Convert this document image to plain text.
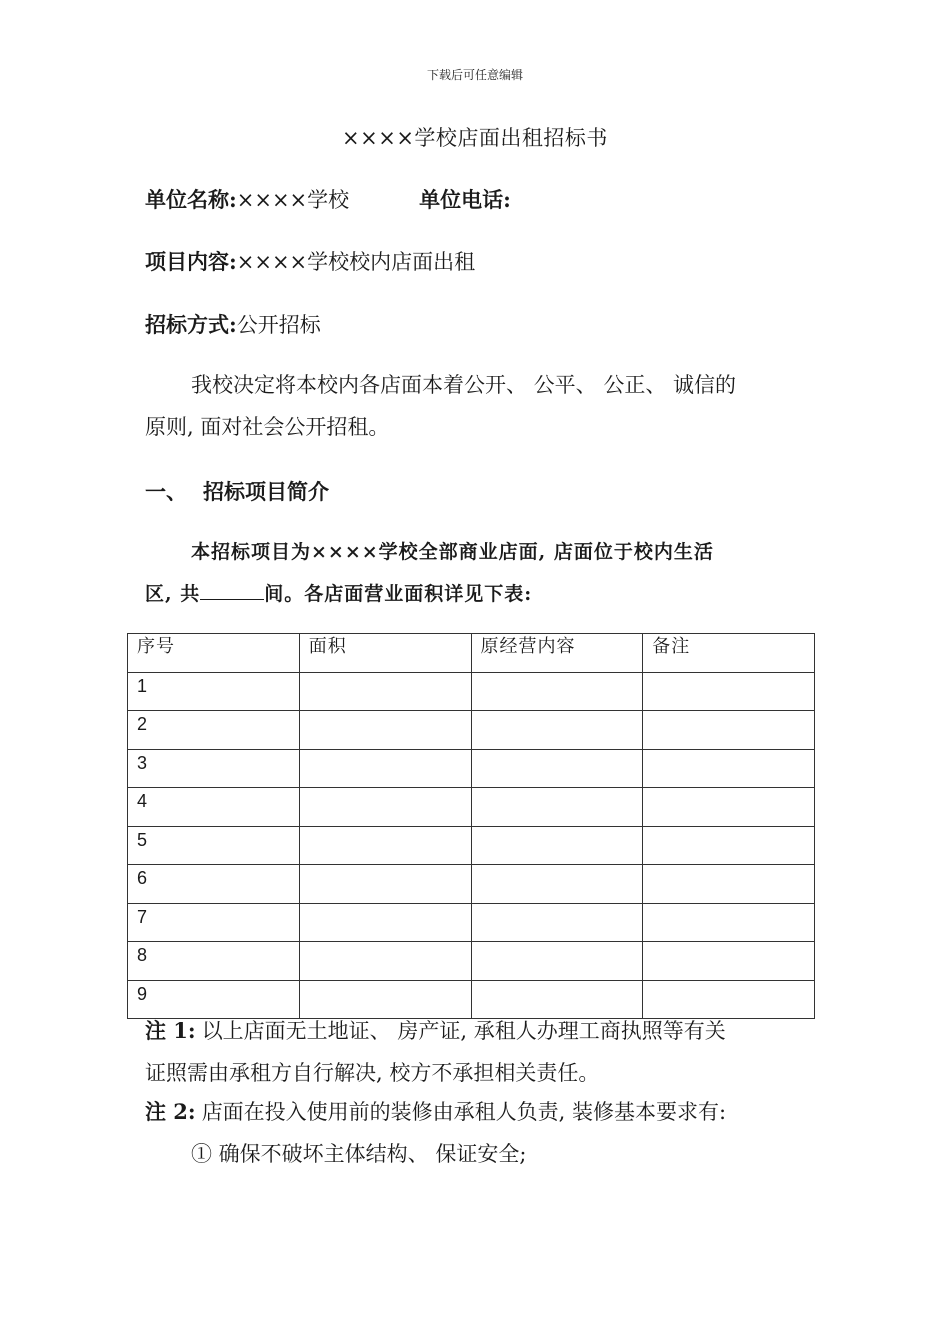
下载后可任意编辑
××××学校店面出租招标书
单位名称:××××学校	单位电话:
项目内容:××××学校校内店面出租
招标方式:公开招标
我校决定将本校内各店面本着公开、 公平、 公正、 诚信的
原则, 面对社会公开招租。
一、 招标项目简介
本招标项目为××××学校全部商业店面, 店面位于校内生活
区, 共	间。各店面营业面积详见下表:
序号	面积	原经营内容	备注
1			
2			
3			
4			
5			
6			
7			
8			
9			
注 1: 以上店面无土地证、 房产证, 承租人办理工商执照等有关
证照需由承租方自行解决, 校方不承担相关责任。
注 2: 店面在投入使用前的装修由承租人负责, 装修基本要求有:
① 确保不破坏主体结构、 保证安全;
